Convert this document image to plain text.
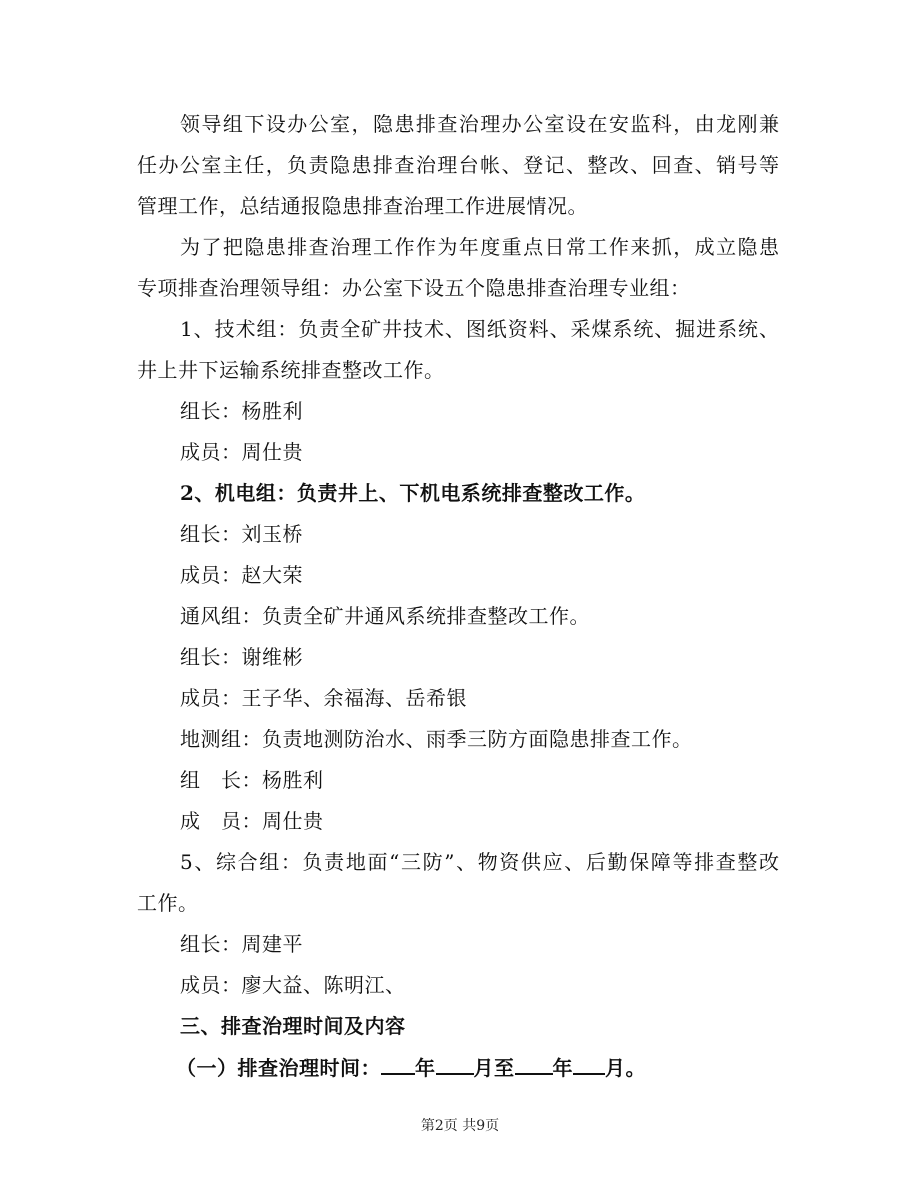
领导组下设办公室，隐患排查治理办公室设在安监科，由龙刚兼
任办公室主任，负责隐患排查治理台帐、登记、整改、回查、销号等
管理工作，总结通报隐患排查治理工作进展情况。
为了把隐患排查治理工作作为年度重点日常工作来抓，成立隐患
专项排查治理领导组：办公室下设五个隐患排查治理专业组：
1、技术组：负责全矿井技术、图纸资料、采煤系统、掘进系统、
井上井下运输系统排查整改工作。
组长：杨胜利
成员：周仕贵
2、机电组：负责井上、下机电系统排查整改工作。
组长：刘玉桥
成员：赵大荣
通风组：负责全矿井通风系统排查整改工作。
组长：谢维彬
成员：王子华、余福海、岳希银
地测组：负责地测防治水、雨季三防方面隐患排查工作。
组　长：杨胜利
成　员：周仕贵
5、综合组：负责地面“三防”、物资供应、后勤保障等排查整改
工作。
组长：周建平
成员：廖大益、陈明江、
三、排查治理时间及内容
（一）排查治理时间： 年 月至 年 月。
第2页 共9页
